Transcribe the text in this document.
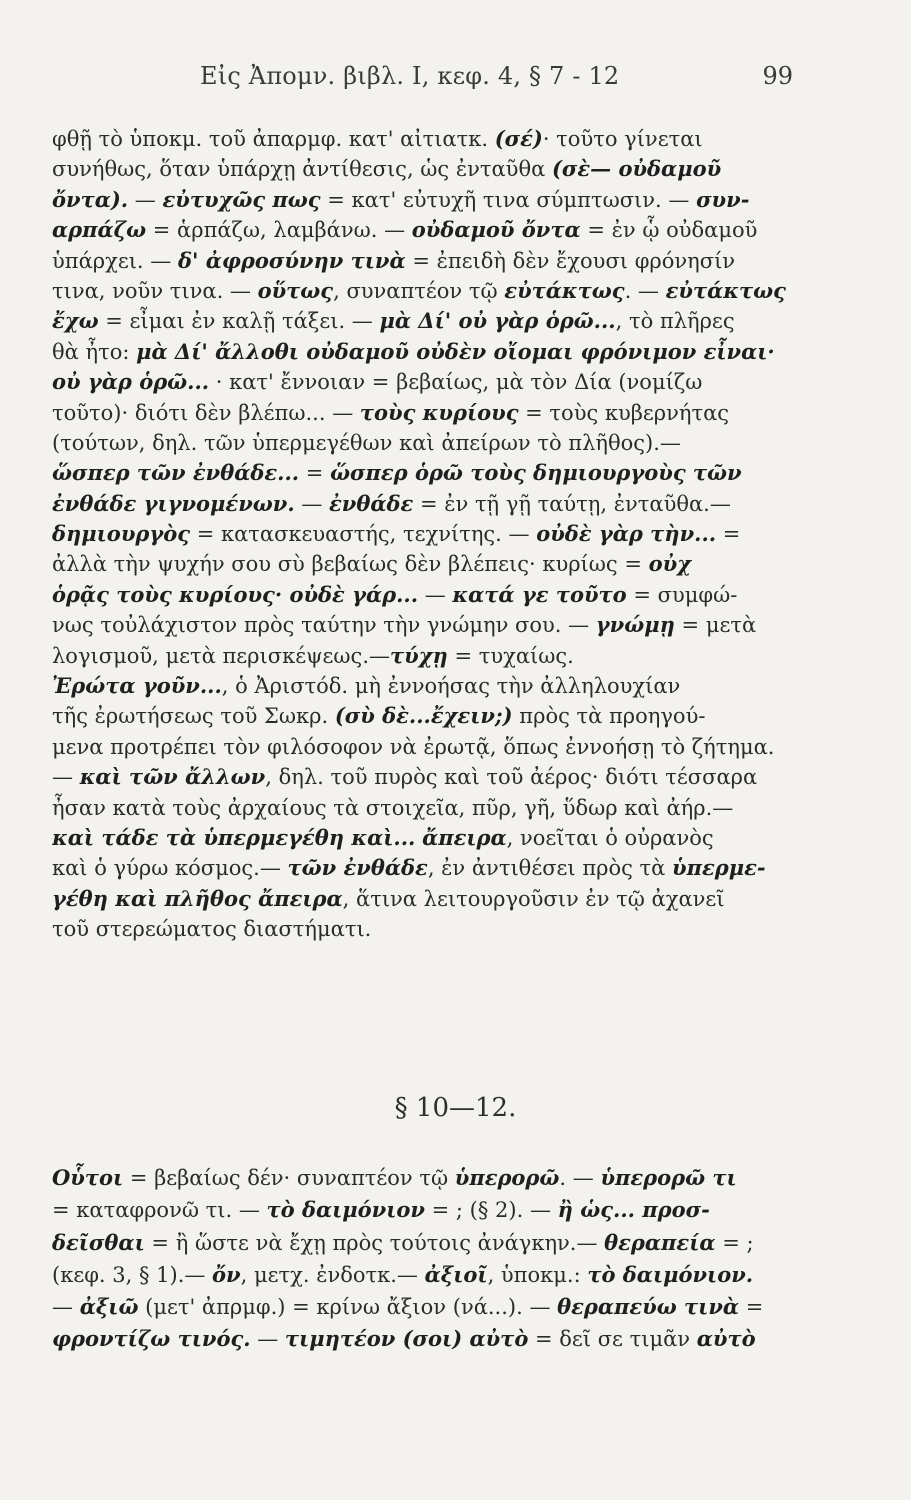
Εἰς Ἀπομν. βιβλ. I, κεφ. 4, § 7 - 12	99
φθῇ τὸ ὑποκμ. τοῦ ἀπαρμφ. κατ' αἰτιατκ. (σέ)· τοῦτο γίνεται
συνήθως, ὅταν ὑπάρχῃ ἀντίθεσις, ὡς ἐνταῦθα (σὲ— οὐδαμοῦ
ὄντα). — εὐτυχῶς πως = κατ' εὐτυχῆ τινα σύμπτωσιν. — συν-
αρπάζω = ἁρπάζω, λαμβάνω. — οὐδαμοῦ ὄντα = ἐν ᾧ οὐδαμοῦ
ὑπάρχει. — δ' ἀφροσύνην τινὰ = ἐπειδὴ δὲν ἔχουσι φρόνησίν
τινα, νοῦν τινα. — οὕτως, συναπτέον τῷ εὐτάκτως. — εὐτάκτως
ἔχω = εἶμαι ἐν καλῇ τάξει. — μὰ Δί' οὐ γὰρ ὁρῶ..., τὸ πλῆρες
θὰ ἦτο: μὰ Δί' ἄλλοθι οὐδαμοῦ οὐδὲν οἴομαι φρόνιμον εἶναι·
οὐ γὰρ ὁρῶ... · κατ' ἔννοιαν = βεβαίως, μὰ τὸν Δία (νομίζω
τοῦτο)· διότι δὲν βλέπω... — τοὺς κυρίους = τοὺς κυβερνήτας
(τούτων, δηλ. τῶν ὑπερμεγέθων καὶ ἀπείρων τὸ πλῆθος).—
ὥσπερ τῶν ἐνθάδε... = ὥσπερ ὁρῶ τοὺς δημιουργοὺς τῶν
ἐνθάδε γιγνομένων. — ἐνθάδε = ἐν τῇ γῇ ταύτῃ, ἐνταῦθα.—
δημιουργὸς = κατασκευαστής, τεχνίτης. — οὐδὲ γὰρ τὴν... =
ἀλλὰ τὴν ψυχήν σου σὺ βεβαίως δὲν βλέπεις· κυρίως = οὐχ
ὁρᾷς τοὺς κυρίους· οὐδὲ γάρ... — κατά γε τοῦτο = συμφώ-
νως τοὐλάχιστον πρὸς ταύτην τὴν γνώμην σου. — γνώμῃ = μετὰ
λογισμοῦ, μετὰ περισκέψεως.—τύχῃ = τυχαίως.
Ἐρώτα γοῦν..., ὁ Ἀριστόδ. μὴ ἐννοήσας τὴν ἀλληλουχίαν
τῆς ἐρωτήσεως τοῦ Σωκρ. (σὺ δὲ...ἔχειν;) πρὸς τὰ προηγού-
μενα προτρέπει τὸν φιλόσοφον νὰ ἐρωτᾷ, ὅπως ἐννοήσῃ τὸ ζήτημα.
— καὶ τῶν ἄλλων, δηλ. τοῦ πυρὸς καὶ τοῦ ἀέρος· διότι τέσσαρα
ἦσαν κατὰ τοὺς ἀρχαίους τὰ στοιχεῖα, πῦρ, γῆ, ὕδωρ καὶ ἀήρ.—
καὶ τάδε τὰ ὑπερμεγέθη καὶ... ἄπειρα, νοεῖται ὁ οὐρανὸς
καὶ ὁ γύρω κόσμος.— τῶν ἐνθάδε, ἐν ἀντιθέσει πρὸς τὰ ὑπερμε-
γέθη καὶ πλῆθος ἄπειρα, ἅτινα λειτουργοῦσιν ἐν τῷ ἀχανεῖ
τοῦ στερεώματος διαστήματι.
§ 10—12.
Οὗτοι = βεβαίως δέν· συναπτέον τῷ ὑπερορῶ. — ὑπερορῶ τι
= καταφρονῶ τι. — τὸ δαιμόνιον = ; (§ 2). — ἢ ὡς... προσ-
δεῖσθαι = ἢ ὥστε νὰ ἔχῃ πρὸς τούτοις ἀνάγκην.— θεραπεία = ;
(κεφ. 3, § 1).— ὄν, μετχ. ἐνδοτκ.— ἀξιοῖ, ὑποκμ.: τὸ δαιμόνιον.
— ἀξιῶ (μετ' ἀπρμφ.) = κρίνω ἄξιον (νά...). — θεραπεύω τινὰ =
φροντίζω τινός. — τιμητέον (σοι) αὐτὸ = δεῖ σε τιμᾶν αὐτὸ
